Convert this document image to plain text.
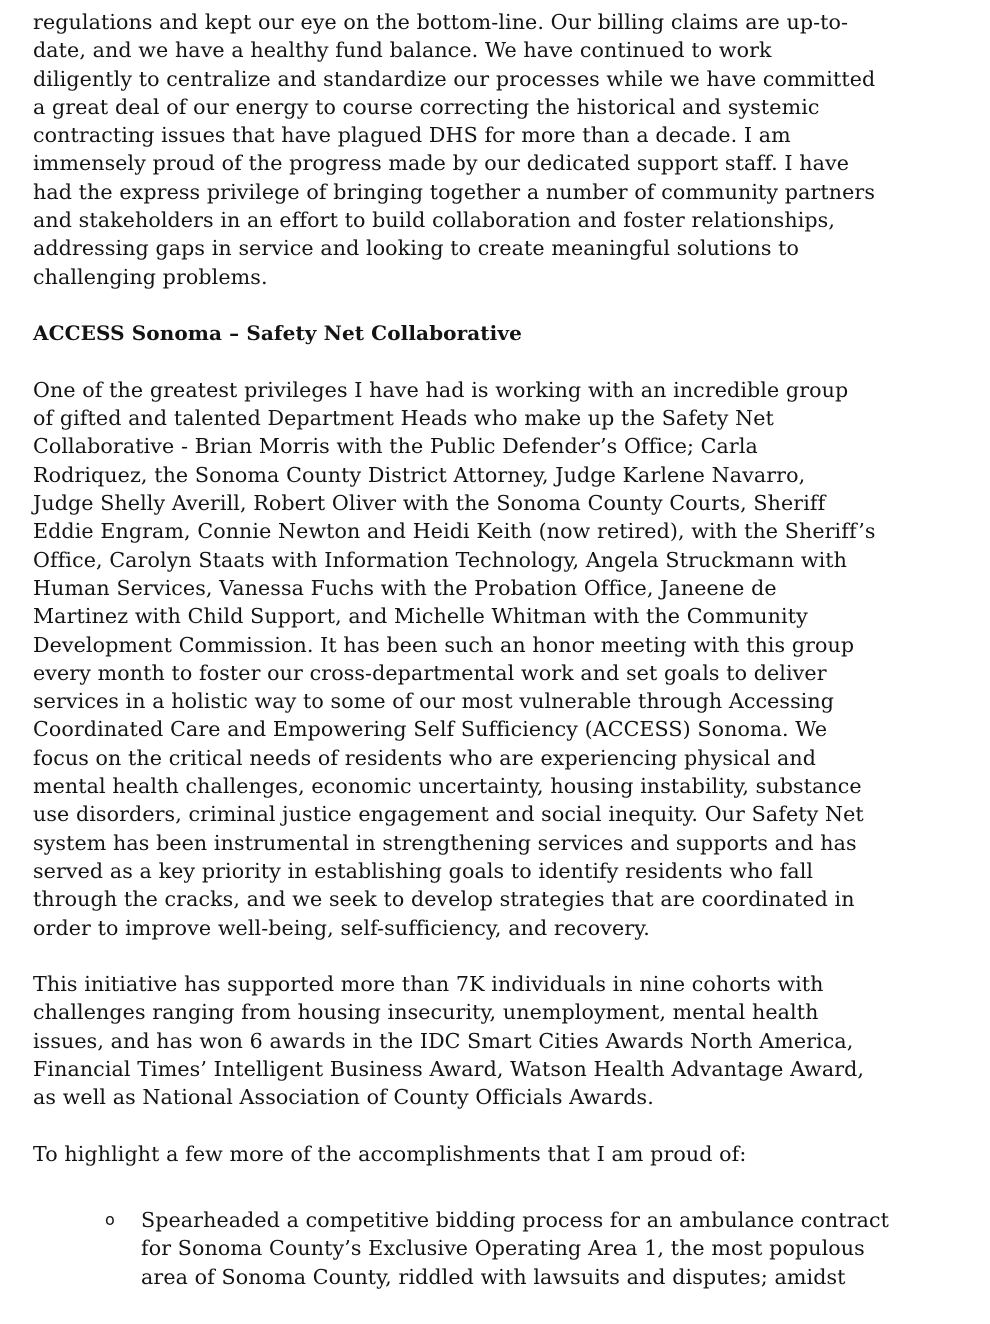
regulations and kept our eye on the bottom-line. Our billing claims are up-to-
date, and we have a healthy fund balance. We have continued to work
diligently to centralize and standardize our processes while we have committed
a great deal of our energy to course correcting the historical and systemic
contracting issues that have plagued DHS for more than a decade. I am
immensely proud of the progress made by our dedicated support staff. I have
had the express privilege of bringing together a number of community partners
and stakeholders in an effort to build collaboration and foster relationships,
addressing gaps in service and looking to create meaningful solutions to
challenging problems.
ACCESS Sonoma – Safety Net Collaborative
One of the greatest privileges I have had is working with an incredible group
of gifted and talented Department Heads who make up the Safety Net
Collaborative - Brian Morris with the Public Defender’s Office; Carla
Rodriquez, the Sonoma County District Attorney, Judge Karlene Navarro,
Judge Shelly Averill, Robert Oliver with the Sonoma County Courts, Sheriff
Eddie Engram, Connie Newton and Heidi Keith (now retired), with the Sheriff’s
Office, Carolyn Staats with Information Technology, Angela Struckmann with
Human Services, Vanessa Fuchs with the Probation Office, Janeene de
Martinez with Child Support, and Michelle Whitman with the Community
Development Commission. It has been such an honor meeting with this group
every month to foster our cross-departmental work and set goals to deliver
services in a holistic way to some of our most vulnerable through Accessing
Coordinated Care and Empowering Self Sufficiency (ACCESS) Sonoma. We
focus on the critical needs of residents who are experiencing physical and
mental health challenges, economic uncertainty, housing instability, substance
use disorders, criminal justice engagement and social inequity. Our Safety Net
system has been instrumental in strengthening services and supports and has
served as a key priority in establishing goals to identify residents who fall
through the cracks, and we seek to develop strategies that are coordinated in
order to improve well-being, self-sufficiency, and recovery.
This initiative has supported more than 7K individuals in nine cohorts with
challenges ranging from housing insecurity, unemployment, mental health
issues, and has won 6 awards in the IDC Smart Cities Awards North America,
Financial Times’ Intelligent Business Award, Watson Health Advantage Award,
as well as National Association of County Officials Awards.
To highlight a few more of the accomplishments that I am proud of:
o Spearheaded a competitive bidding process for an ambulance contract
for Sonoma County’s Exclusive Operating Area 1, the most populous
area of Sonoma County, riddled with lawsuits and disputes; amidst
